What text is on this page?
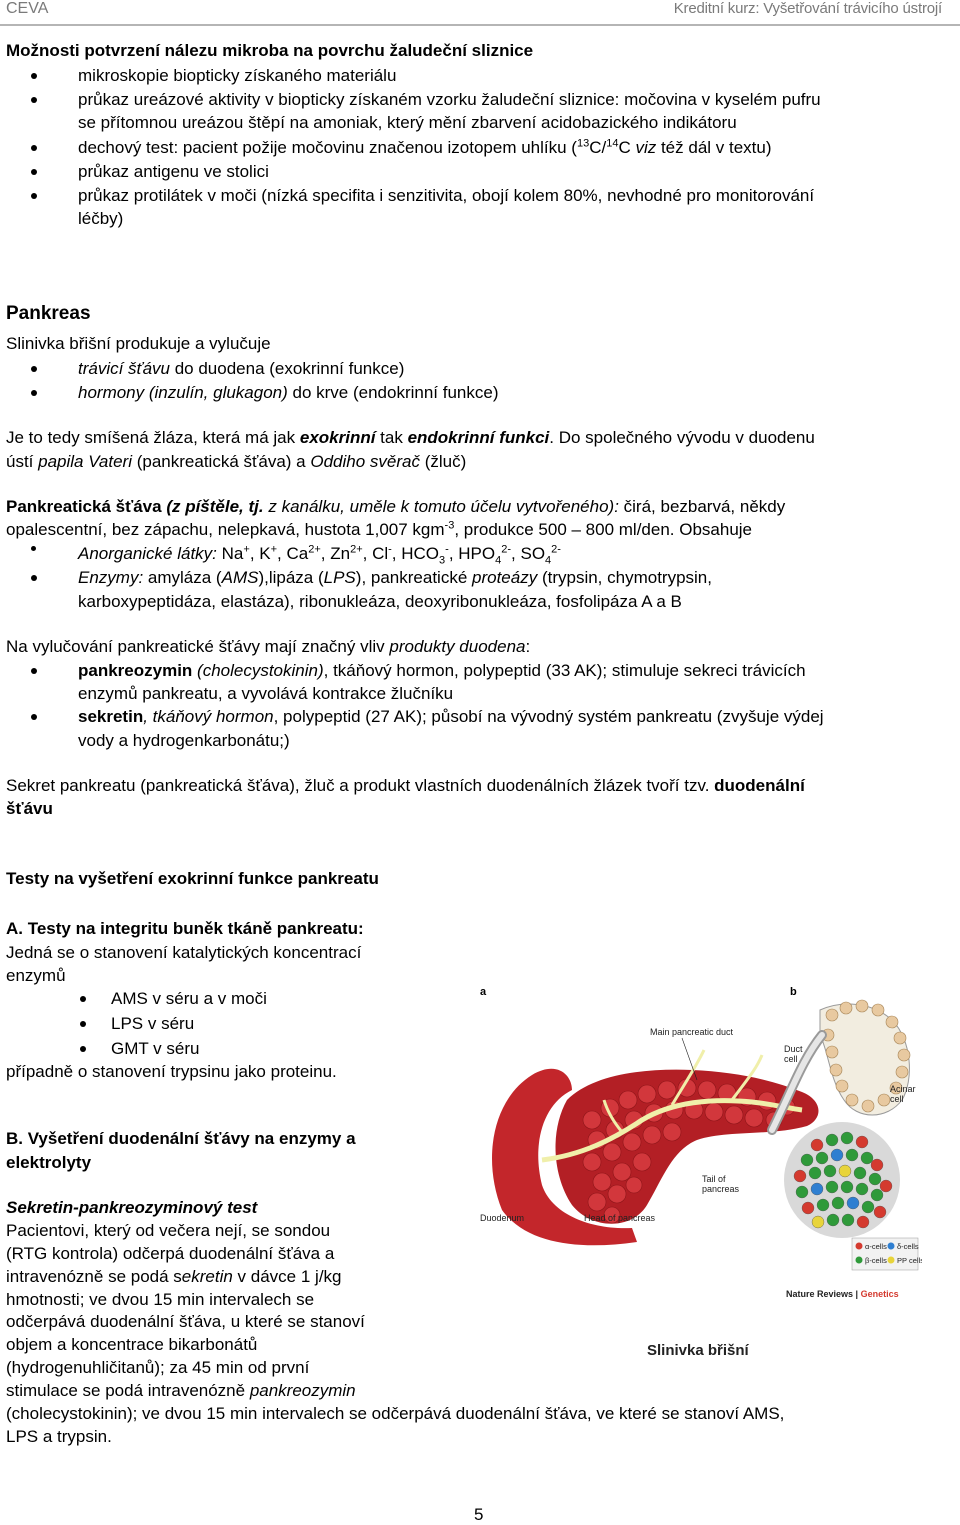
CEVA	Kreditní kurz: Vyšetřování trávicího ústrojí
Možnosti potvrzení nálezu mikroba na povrchu žaludeční sliznice
mikroskopie biopticky získaného materiálu
průkaz ureázové aktivity v biopticky získaném vzorku žaludeční sliznice: močovina v kyselém pufru
se přítomnou ureázou štěpí na amoniak, který mění zbarvení acidobazického indikátoru
dechový test: pacient požije močovinu značenou izotopem uhlíku ($^{13}$C/$^{14}$C viz též dál v textu)
průkaz antigenu ve stolici
průkaz protilátek v moči (nízká specifita i senzitivita, obojí kolem 80%, nevhodné pro monitorování
léčby)
Pankreas
Slinivka břišní produkuje a vylučuje
trávicí šťávu do duodena (exokrinní funkce)
hormony (inzulín, glukagon) do krve (endokrinní funkce)
Je to tedy smíšená žláza, která má jak exokrinní tak endokrinní funkci. Do společného vývodu v duodenu
ústí papila Vateri (pankreatická šťáva) a Oddiho svěrač (žluč)
Pankreatická šťáva (z píštěle, tj. z kanálku, uměle k tomuto účelu vytvořeného): čirá, bezbarvá, někdy
opalescentní, bez zápachu, nelepkavá, hustota 1,007 kgm$^{-3}$, produkce 500 – 800 ml/den. Obsahuje
Anorganické látky: Na+, K+, $Ca^{2+}$, $Zn^{2+}$, Cl-, $HCO_3^-$, $HPO_4^{2-}$, $SO_4^{2-}$
Enzymy: amyláza (AMS),lipáza (LPS), pankreatické proteázy (trypsin, chymotrypsin,
karboxypeptidáza, elastáza), ribonukleáza, deoxyribonukleáza, fosfolipáza A a B
Na vylučování pankreatické šťávy mají značný vliv produkty duodena:
pankreozymin (cholecystokinin), tkáňový hormon, polypeptid (33 AK); stimuluje sekreci trávicích
enzymů pankreatu, a vyvolává kontrakce žlučníku
sekretin, tkáňový hormon, polypeptid (27 AK); působí na vývodný systém pankreatu (zvyšuje výdej
vody a hydrogenkarbonátu;)
Sekret pankreatu (pankreatická šťáva), žluč a produkt vlastních duodenálních žlázek tvoří tzv. duodenální
šťávu
Testy na vyšetření exokrinní funkce pankreatu
A. Testy na integritu buněk tkáně pankreatu:
Jedná se o stanovení katalytických koncentrací
enzymů
AMS v séru a v moči
LPS v séru
GMT v séru
případně o stanovení trypsinu jako proteinu.
B. Vyšetření duodenální šťávy na enzymy a
elektrolyty
Sekretin-pankreozyminový test
Pacientovi, který od večera nejí, se sondou
(RTG kontrola) odčerpá duodenální šťáva a
intravenózně se podá sekretin v dávce 1 j/kg
hmotnosti; ve dvou 15 min intervalech se
odčerpává duodenální šťáva, u které se stanoví
objem a koncentrace bikarbonátů
(hydrogenuhličitanů); za 45 min od první
stimulace se podá intravenózně pankreozymin
(cholecystokinin); ve dvou 15 min intervalech se odčerpává duodenální šťáva, ve které se stanoví AMS,
LPS a trypsin.
a
Main pancreatic duct
Tail of
pancreas
Duodenum	Head of pancreas
b
Duct
cell
Acinar
cell
α-cells δ-cells
β-cells PP cells
Nature Reviews | Genetics
Slinivka břišní
5
